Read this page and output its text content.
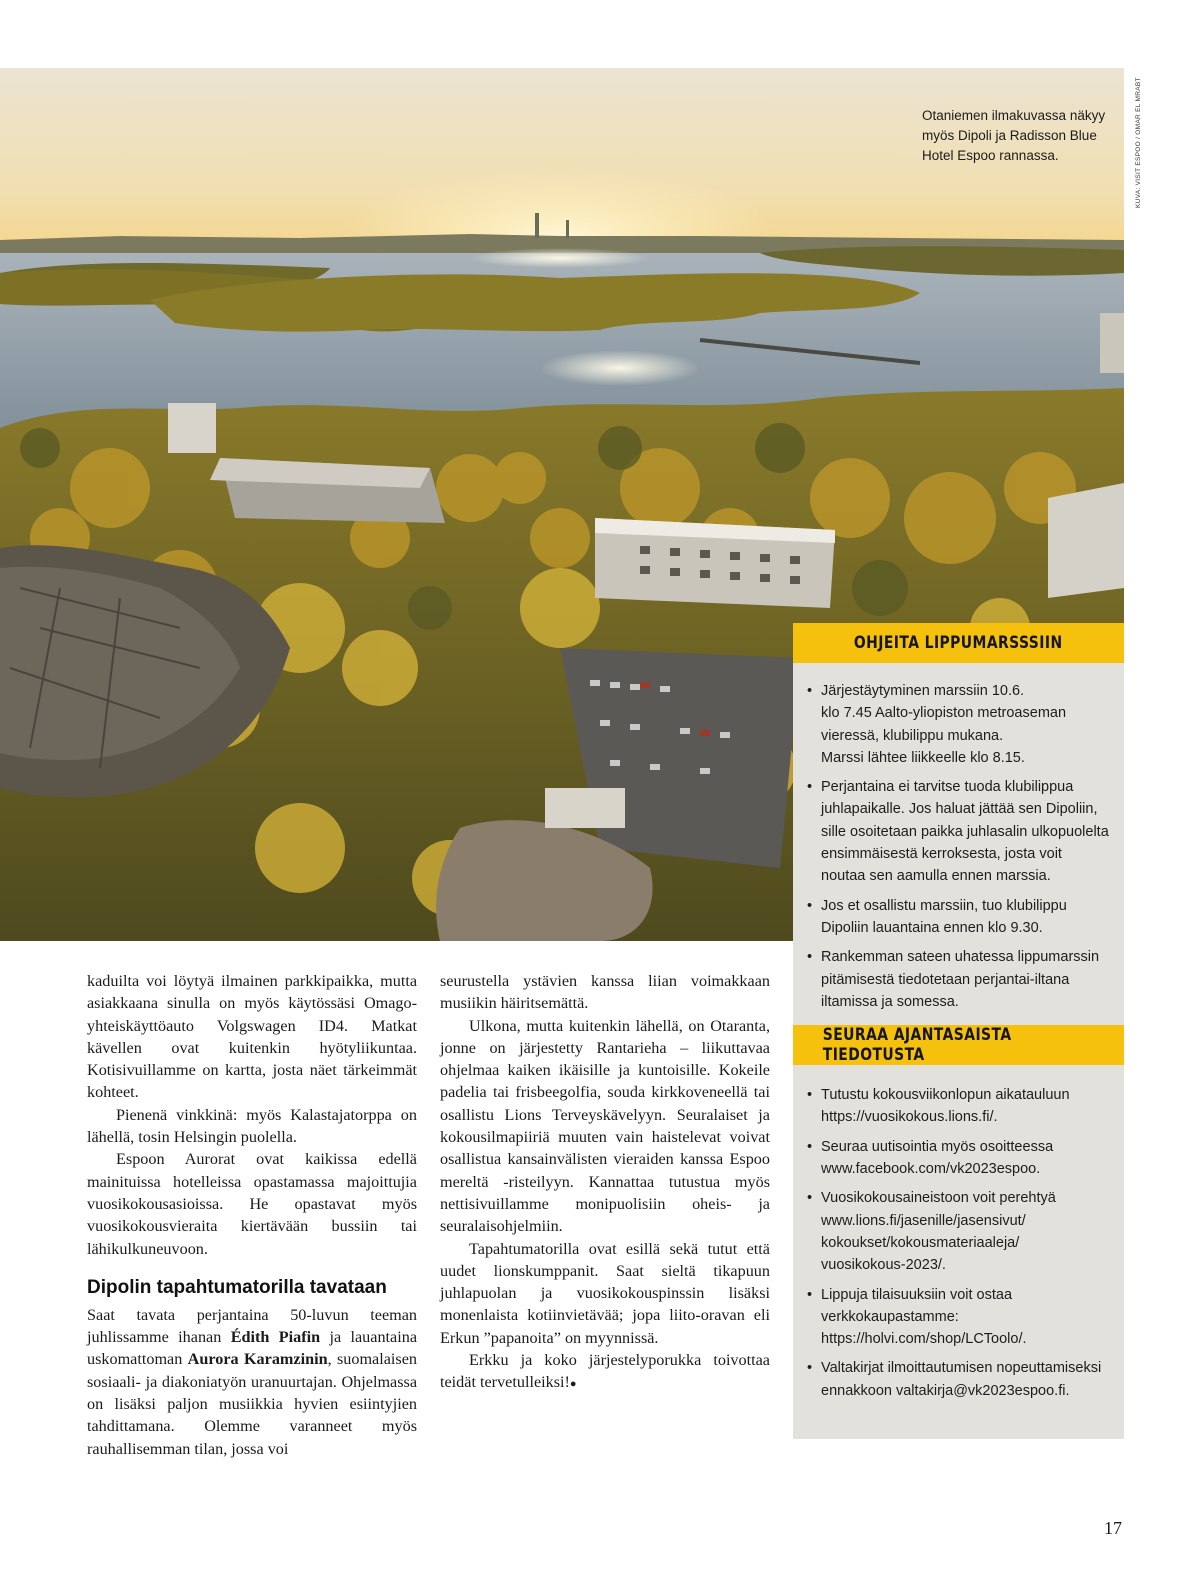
Otaniemen ilmakuvassa näkyy myös Dipoli ja Radisson Blue Hotel Espoo rannassa.	KUVA: VISIT ESPOO / OMAR EL MRABT
OHJEITA LIPPUMARSSSIIN
• Järjestäytyminen marssiin 10.6.
klo 7.45 Aalto-yliopiston metroaseman vieressä, klubilippu mukana.
Marssi lähtee liikkeelle klo 8.15.
• Perjantaina ei tarvitse tuoda klubilippua juhlapaikalle. Jos haluat jättää sen Dipoliin, sille osoitetaan paikka juhlasalin ulkopuolelta ensimmäisestä kerroksesta, josta voit noutaa sen aamulla ennen marssia.
• Jos et osallistu marssiin, tuo klubilippu Dipoliin lauantaina ennen klo 9.30.
• Rankemman sateen uhatessa lippumarssin pitämisestä tiedotetaan perjantai-iltana iltamissa ja somessa.
SEURAA AJANTASAISTA TIEDOTUSTA
• Tutustu kokousviikonlopun aikatauluun https://vuosikokous.lions.fi/.
• Seuraa uutisointia myös osoitteessa www.facebook.com/vk2023espoo.
• Vuosikokousaineistoon voit perehtyä www.lions.fi/jasenille/jasensivut/
kokoukset/kokousmateriaaleja/
vuosikokous-2023/.
• Lippuja tilaisuuksiin voit ostaa verkkokaupastamme:
https://holvi.com/shop/LCToolo/.
• Valtakirjat ilmoittautumisen nopeuttamiseksi ennakkoon valtakirja@vk2023espoo.fi.

kaduilta voi löytyä ilmainen parkkipaikka, mutta asiakkaana sinulla on myös käytössäsi Omago-yhteiskäyttöauto Volgswagen ID4. Matkat kävellen ovat kuitenkin hyötyliikuntaa. Kotisivuillamme on kartta, josta näet tärkeimmät kohteet.

Pienenä vinkkinä: myös Kalastajatorppa on lähellä, tosin Helsingin puolella.

Espoon Aurorat ovat kaikissa edellä mainituissa hotelleissa opastamassa majoittujia vuosikokousasioissa. He opastavat myös vuosikokousvieraita kiertävään bussiin tai lähikulkuneuvoon.

Dipolin tapahtumatorilla tavataan

Saat tavata perjantaina 50-luvun teeman juhlissamme ihanan Édith Piafin ja lauantaina uskomattoman Aurora Karamzinin, suomalaisen sosiaali- ja diakoniatyön uranuurtajan. Ohjelmassa on lisäksi paljon musiikkia hyvien esiintyjien tahdittamana. Olemme varanneet myös rauhallisemman tilan, jossa voi

seurustella ystävien kanssa liian voimakkaan musiikin häiritsemättä.

Ulkona, mutta kuitenkin lähellä, on Otaranta, jonne on järjestetty Rantarieha – liikuttavaa ohjelmaa kaiken ikäisille ja kuntoisille. Kokeile padelia tai frisbeegolfia, souda kirkkoveneellä tai osallistu Lions Terveyskävelyyn. Seuralaiset ja kokousilmapiiriä muuten vain haistelevat voivat osallistua kansainvälisten vieraiden kanssa Espoo mereltä -risteilyyn. Kannattaa tutustua myös nettisivuillamme monipuolisiin oheis- ja seuralaisohjelmiin.

Tapahtumatorilla ovat esillä sekä tutut että uudet lionskumppanit. Saat sieltä tikapuun juhlapuolan ja vuosikokouspinssin lisäksi monenlaista kotiinvietävää; jopa liito-oravan eli Erkun ”papanoita” on myynnissä.

Erkku ja koko järjestelyporukka toivottaa teidät tervetulleiksi!●

17
